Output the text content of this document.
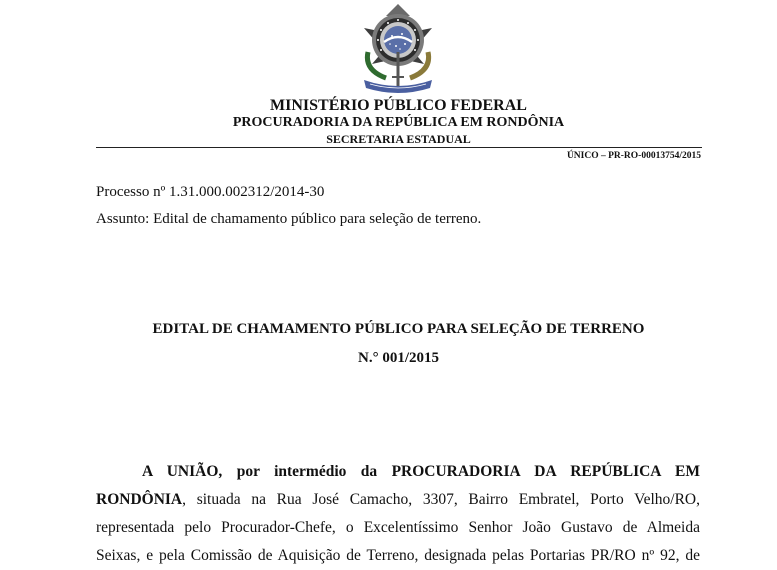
MINISTÉRIO PÚBLICO FEDERAL
PROCURADORIA DA REPÚBLICA EM RONDÔNIA
SECRETARIA ESTADUAL
ÚNICO – PR-RO-00013754/2015
Processo nº 1.31.000.002312/2014-30
Assunto: Edital de chamamento público para seleção de terreno.
EDITAL DE CHAMAMENTO PÚBLICO PARA SELEÇÃO DE TERRENO
N.° 001/2015
A UNIÃO, por intermédio da PROCURADORIA DA REPÚBLICA EM
RONDÔNIA, situada na Rua José Camacho, 3307, Bairro Embratel, Porto Velho/RO,
representada pelo Procurador-Chefe, o Excelentíssimo Senhor João Gustavo de Almeida
Seixas, e pela Comissão de Aquisição de Terreno, designada pelas Portarias PR/RO nº 92, de
